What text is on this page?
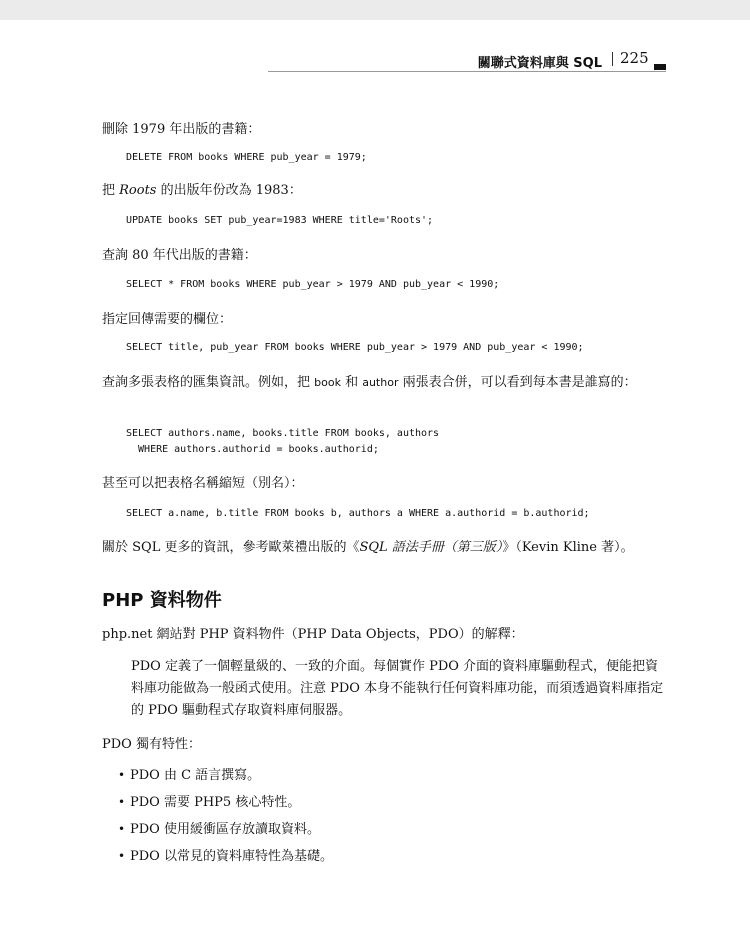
關聯式資料庫與 SQL 225
刪除 1979 年出版的書籍：
DELETE FROM books WHERE pub_year = 1979;
把 Roots 的出版年份改為 1983：
UPDATE books SET pub_year=1983 WHERE title='Roots';
查詢 80 年代出版的書籍：
SELECT * FROM books WHERE pub_year > 1979 AND pub_year < 1990;
指定回傳需要的欄位：
SELECT title, pub_year FROM books WHERE pub_year > 1979 AND pub_year < 1990;
查詢多張表格的匯集資訊。例如，把 book 和 author 兩張表合併，可以看到每本書是誰寫的：
SELECT authors.name, books.title FROM books, authors
WHERE authors.authorid = books.authorid;
甚至可以把表格名稱縮短（別名）：
SELECT a.name, b.title FROM books b, authors a WHERE a.authorid = b.authorid;
關於 SQL 更多的資訊，參考歐萊禮出版的《SQL 語法手冊（第三版）》（Kevin Kline 著）。
PHP 資料物件
php.net 網站對 PHP 資料物件（PHP Data Objects，PDO）的解釋：
PDO 定義了一個輕量級的、一致的介面。每個實作 PDO 介面的資料庫驅動程式，便能把資料庫功能做為一般函式使用。注意 PDO 本身不能執行任何資料庫功能，而須透過資料庫指定的 PDO 驅動程式存取資料庫伺服器。
PDO 獨有特性：
• PDO 由 C 語言撰寫。
• PDO 需要 PHP5 核心特性。
• PDO 使用緩衝區存放讀取資料。
• PDO 以常見的資料庫特性為基礎。
